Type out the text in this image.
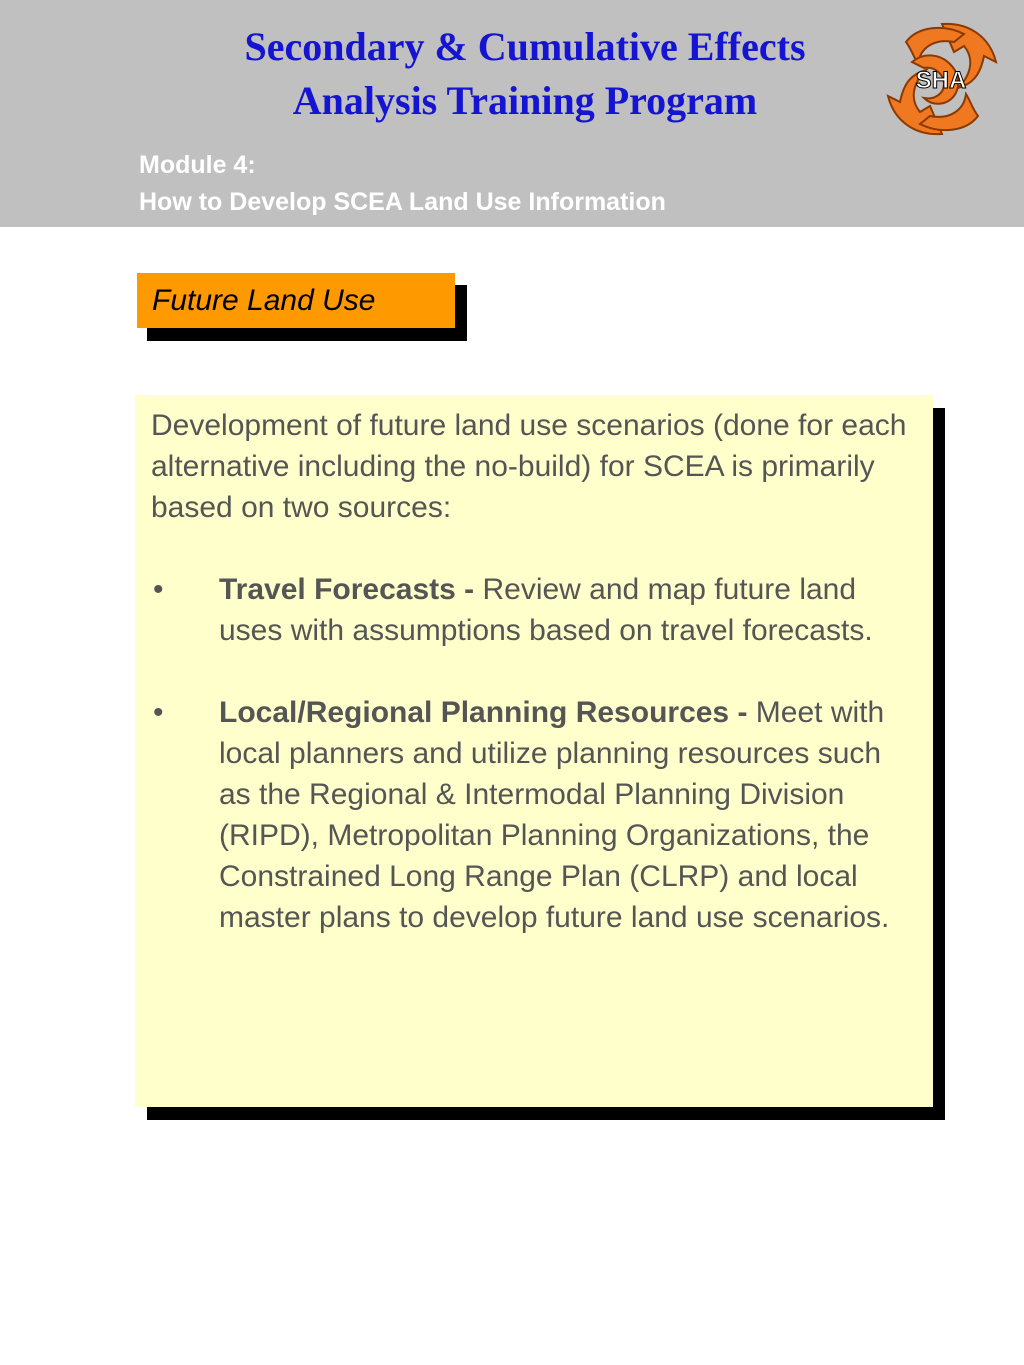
Secondary & Cumulative Effects
Analysis Training Program
Module 4:
How to Develop SCEA Land Use Information
SHA
Future Land Use

Development of future land use scenarios (done for each alternative including the no-build) for SCEA is primarily based on two sources:

• Travel Forecasts - Review and map future land uses with assumptions based on travel forecasts.

• Local/Regional Planning Resources - Meet with local planners and utilize planning resources such as the Regional & Intermodal Planning Division (RIPD), Metropolitan Planning Organizations, the Constrained Long Range Plan (CLRP) and local master plans to develop future land use scenarios.
